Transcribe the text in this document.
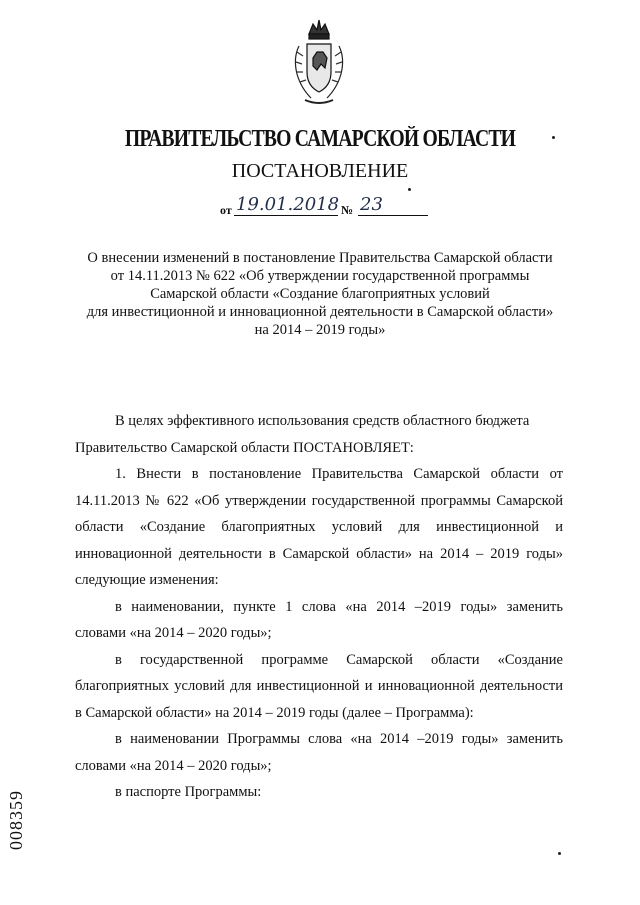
ПРАВИТЕЛЬСТВО САМАРСКОЙ ОБЛАСТИ
ПОСТАНОВЛЕНИЕ
от 19.01.2018 № 23
О внесении изменений в постановление Правительства Самарской области
от 14.11.2013 № 622 «Об утверждении государственной программы
Самарской области «Создание благоприятных условий
для инвестиционной и инновационной деятельности в Самарской области»
на 2014 – 2019 годы»

В целях эффективного использования средств областного бюджета

Правительство Самарской области ПОСТАНОВЛЯЕТ:

1. Внести в постановление Правительства Самарской области от 14.11.2013 № 622 «Об утверждении государственной программы Самарской области «Создание благоприятных условий для инвестиционной и инновационной деятельности в Самарской области» на 2014 – 2019 годы» следующие изменения:

в наименовании, пункте 1 слова «на 2014 –2019 годы» заменить словами «на 2014 – 2020 годы»;

в государственной программе Самарской области «Создание благоприятных условий для инвестиционной и инновационной деятельности в Самарской области» на 2014 – 2019 годы (далее – Программа):

в наименовании Программы слова «на 2014 –2019 годы» заменить словами «на 2014 – 2020 годы»;

в паспорте Программы:

008359
